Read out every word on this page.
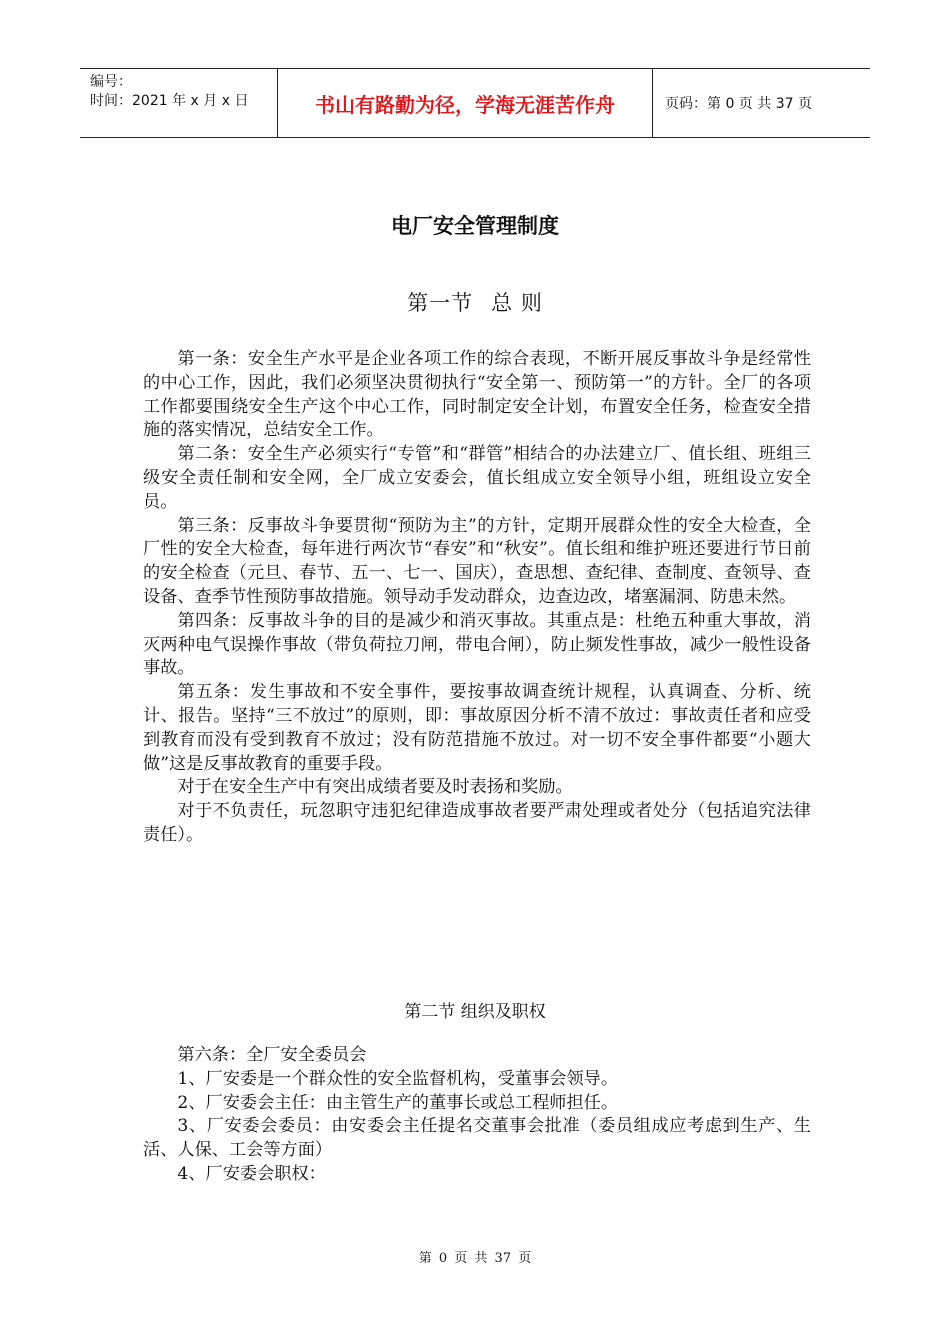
编号：
时间：2021 年 x 月 x 日	书山有路勤为径，学海无涯苦作舟	页码：第 0 页 共 37 页
电厂安全管理制度
第一节 总 则

第一条：安全生产水平是企业各项工作的综合表现，不断开展反事故斗争是经常性的中心工作，因此，我们必须坚决贯彻执行“安全第一、预防第一”的方针。全厂的各项工作都要围绕安全生产这个中心工作，同时制定安全计划，布置安全任务，检查安全措施的落实情况，总结安全工作。

第二条：安全生产必须实行“专管”和“群管”相结合的办法建立厂、值长组、班组三级安全责任制和安全网，全厂成立安委会，值长组成立安全领导小组，班组设立安全员。

第三条：反事故斗争要贯彻“预防为主”的方针，定期开展群众性的安全大检查，全厂性的安全大检查，每年进行两次节“春安”和“秋安”。值长组和维护班还要进行节日前的安全检查（元旦、春节、五一、七一、国庆），查思想、查纪律、查制度、查领导、查设备、查季节性预防事故措施。领导动手发动群众，边查边改，堵塞漏洞、防患未然。

第四条：反事故斗争的目的是减少和消灭事故。其重点是：杜绝五种重大事故，消灭两种电气误操作事故（带负荷拉刀闸，带电合闸），防止频发性事故，减少一般性设备事故。

第五条：发生事故和不安全事件，要按事故调查统计规程，认真调查、分析、统计、报告。坚持“三不放过”的原则，即：事故原因分析不清不放过：事故责任者和应受到教育而没有受到教育不放过；没有防范措施不放过。对一切不安全事件都要“小题大做”这是反事故教育的重要手段。

对于在安全生产中有突出成绩者要及时表扬和奖励。

对于不负责任，玩忽职守违犯纪律造成事故者要严肃处理或者处分（包括追究法律责任）。

第二节 组织及职权

第六条：全厂安全委员会

1、厂安委是一个群众性的安全监督机构，受董事会领导。

2、厂安委会主任：由主管生产的董事长或总工程师担任。

3、厂安委会委员：由安委会主任提名交董事会批准（委员组成应考虑到生产、生活、人保、工会等方面）

4、厂安委会职权：

第 0 页 共 37 页
